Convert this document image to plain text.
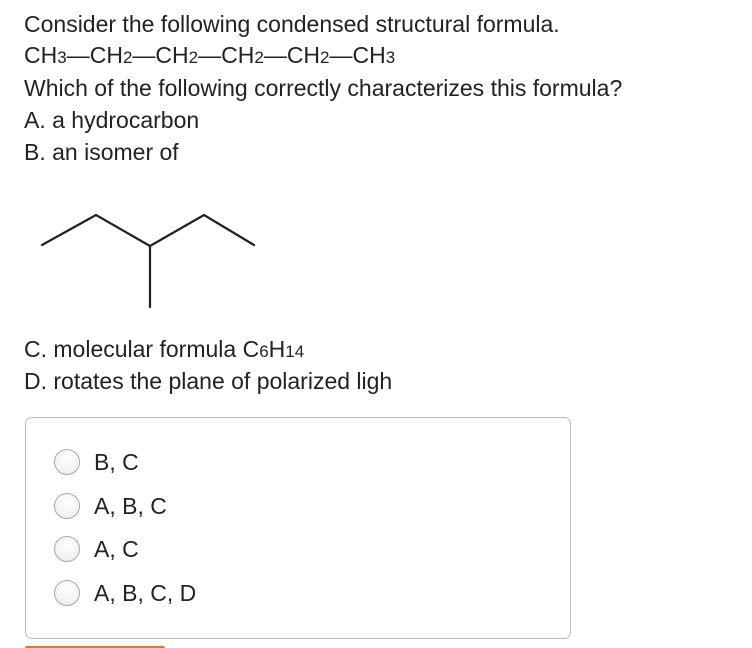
Consider the following condensed structural formula.
CH3—CH2—CH2—CH2—CH2—CH3
Which of the following correctly characterizes this formula?
A. a hydrocarbon
B. an isomer of
C. molecular formula C6H14
D. rotates the plane of polarized ligh
B, C
A, B, C
A, C
A, B, C, D
